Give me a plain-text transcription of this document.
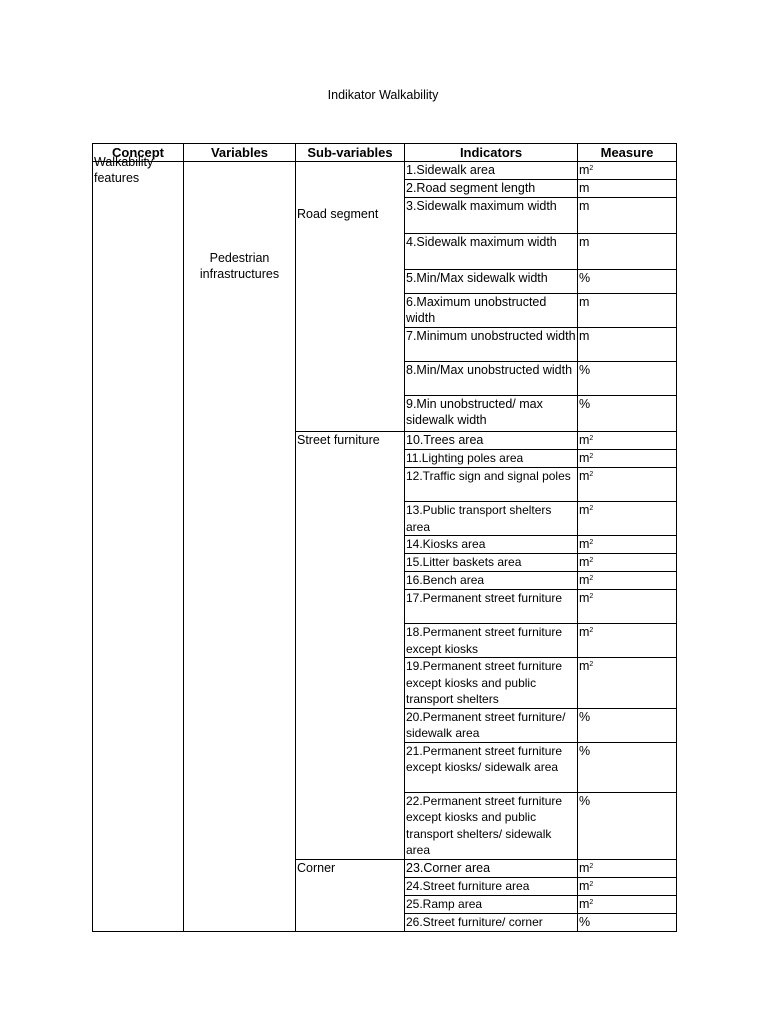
Indikator Walkability
Concept	Variables	Sub-variables	Indicators	Measure

Walkability features	Pedestrian infrastructures	Road segment	1.Sidewalk area	$m^2$
			2.Road segment length	m
			3.Sidewalk maximum width	m
			4.Sidewalk maximum width	m
			5.Min/Max sidewalk width	%
			6.Maximum unobstructed width	m
			7.Minimum unobstructed width	m
			8.Min/Max unobstructed width	%
			9.Min unobstructed/ max sidewalk width	%

		Street furniture	10.Trees area	$m^2$
			11.Lighting poles area	$m^2$
			12.Traffic sign and signal poles	$m^2$
			13.Public transport shelters area	$m^2$
			14.Kiosks area	$m^2$
			15.Litter baskets area	$m^2$
			16.Bench area	$m^2$
			17.Permanent street furniture	$m^2$
			18.Permanent street furniture except kiosks	$m^2$
			19.Permanent street furniture except kiosks and public transport shelters	$m^2$
			20.Permanent street furniture/ sidewalk area	%
			21.Permanent street furniture except kiosks/ sidewalk area	%
			22.Permanent street furniture except kiosks and public transport shelters/ sidewalk area	%

		Corner	23.Corner area	$m^2$
			24.Street furniture area	$m^2$
			25.Ramp area	$m^2$
			26.Street furniture/ corner	%
